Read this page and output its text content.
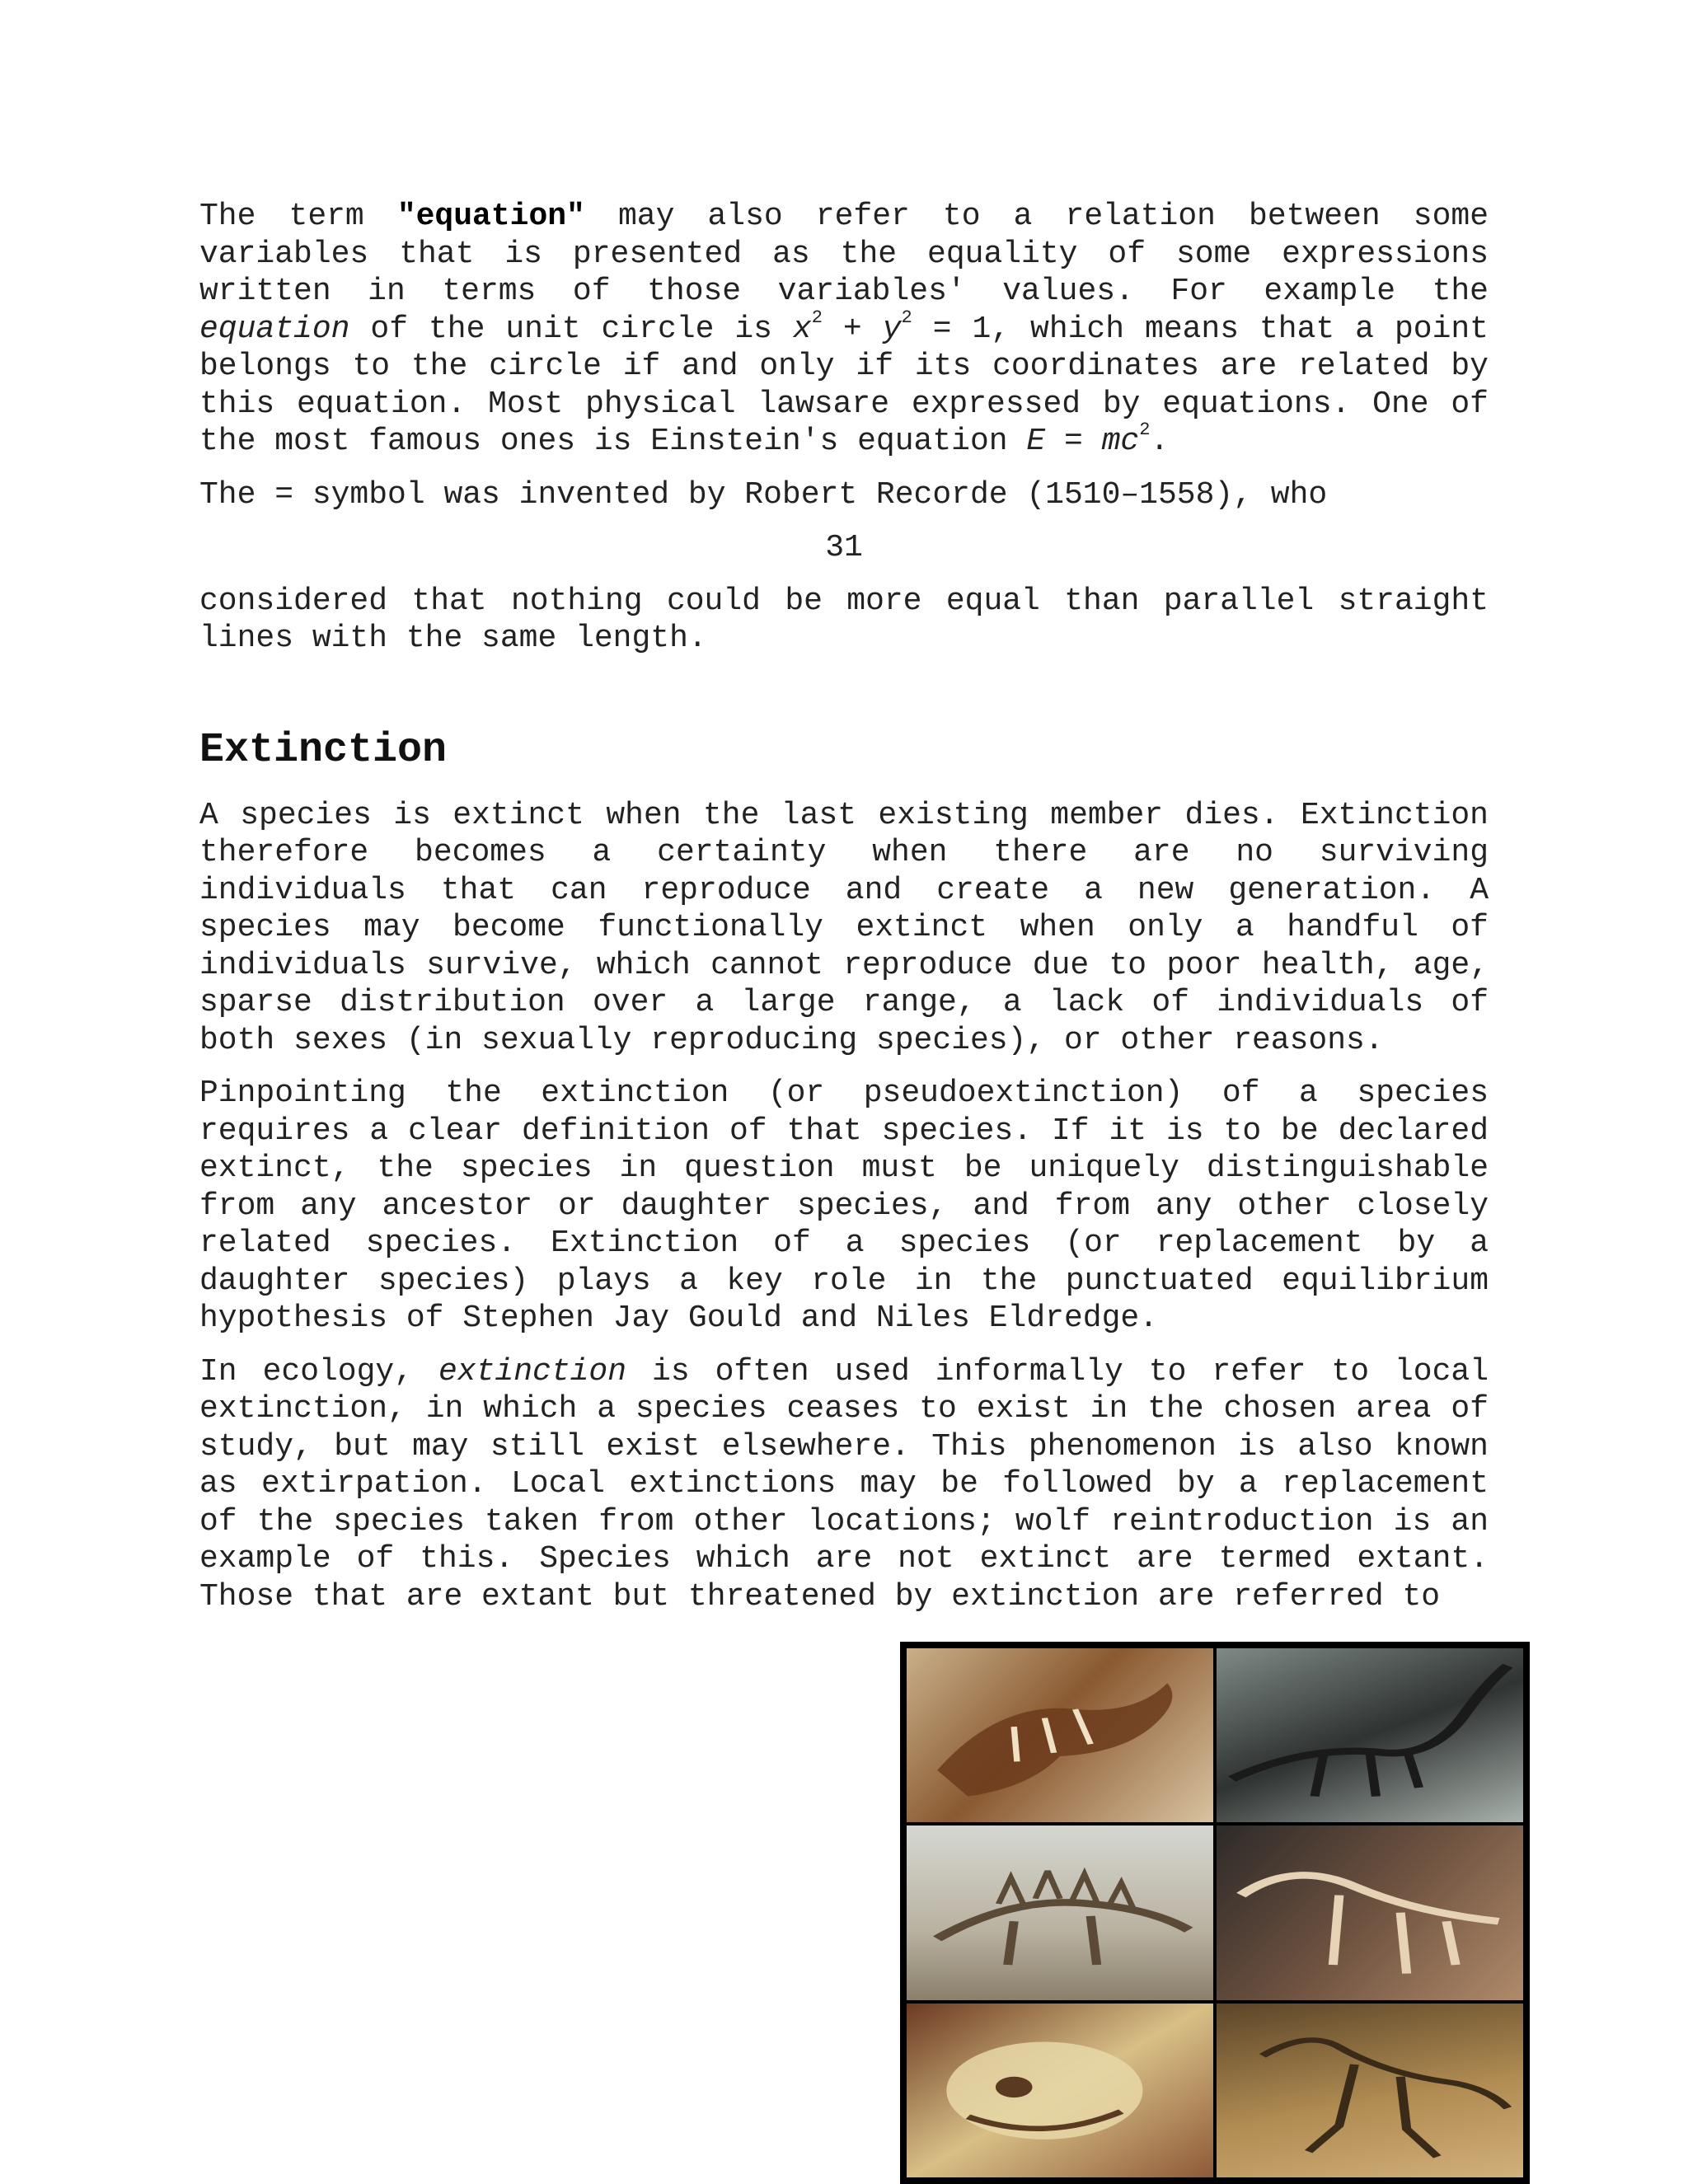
The term "equation" may also refer to a relation between some variables that is presented as the equality of some expressions written in terms of those variables' values. For example the equation of the unit circle is $x^2 + y^2 = 1$, which means that a point belongs to the circle if and only if its coordinates are related by this equation. Most physical lawsare expressed by equations. One of the most famous ones is Einstein's equation $E = mc^2$.

The = symbol was invented by Robert Recorde (1510–1558), who

31

considered that nothing could be more equal than parallel straight lines with the same length.

Extinction

A species is extinct when the last existing member dies. Extinction therefore becomes a certainty when there are no surviving individuals that can reproduce and create a new generation. A species may become functionally extinct when only a handful of individuals survive, which cannot reproduce due to poor health, age, sparse distribution over a large range, a lack of individuals of both sexes (in sexually reproducing species), or other reasons.

Pinpointing the extinction (or pseudoextinction) of a species requires a clear definition of that species. If it is to be declared extinct, the species in question must be uniquely distinguishable from any ancestor or daughter species, and from any other closely related species. Extinction of a species (or replacement by a daughter species) plays a key role in the punctuated equilibrium hypothesis of Stephen Jay Gould and Niles Eldredge.

In ecology, extinction is often used informally to refer to local extinction, in which a species ceases to exist in the chosen area of study, but may still exist elsewhere. This phenomenon is also known as extirpation. Local extinctions may be followed by a replacement of the species taken from other locations; wolf reintroduction is an example of this. Species which are not extinct are termed extant. Those that are extant but threatened by extinction are referred to
